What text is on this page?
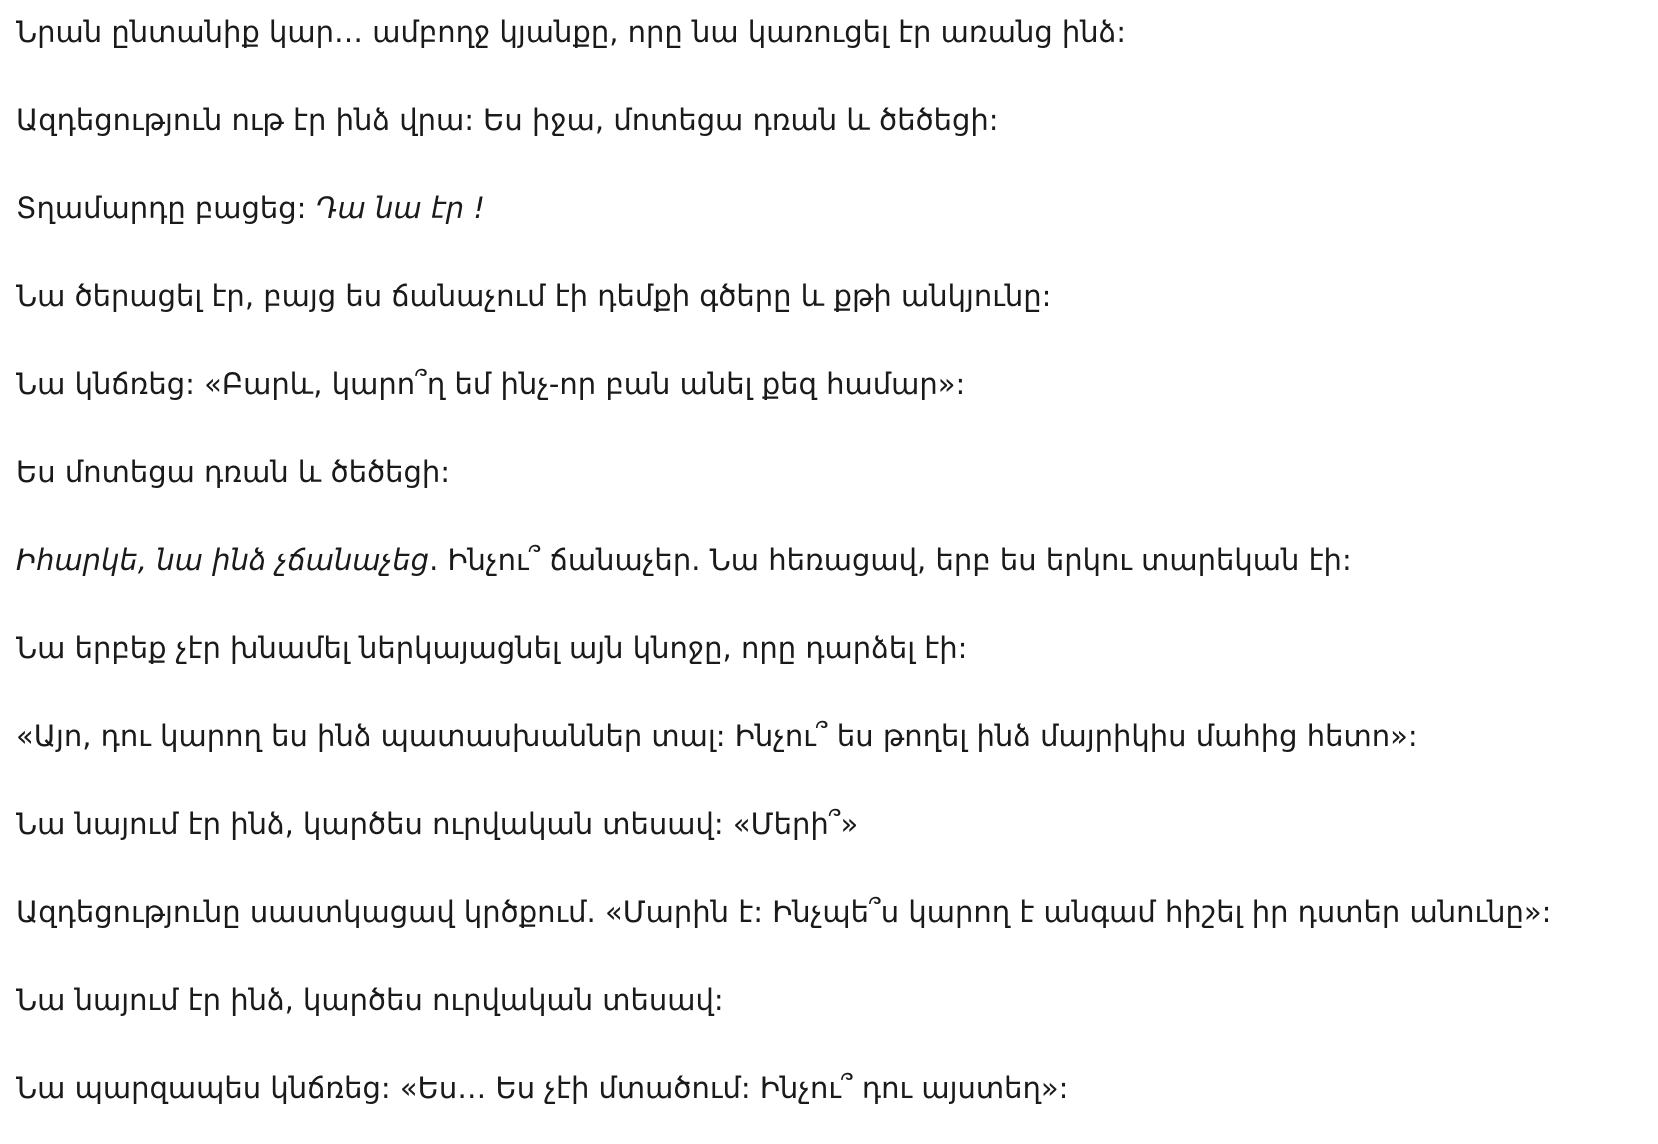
Նրան ընտանիք կար… ամբողջ կյանքը, որը նա կառուցել էր առանց ինձ:

Ազդեցություն ութ էր ինձ վրա: Ես իջա, մոտեցա դռան և ծեծեցի:

Տղամարդը բացեց: Դա նա էր !

Նա ծերացել էր, բայց ես ճանաչում էի դեմքի գծերը և քթի անկյունը:

Նա կնճռեց: «Բարև, կարո՞ղ եմ ինչ-որ բան անել քեզ համար»:

Ես մոտեցա դռան և ծեծեցի:

Իհարկե, նա ինձ չճանաչեց. Ինչու՞ ճանաչեր. Նա հեռացավ, երբ ես երկու տարեկան էի:

Նա երբեք չէր խնամել ներկայացնել այն կնոջը, որը դարձել էի:

«Այո, դու կարող ես ինձ պատասխաններ տալ: Ինչու՞ ես թողել ինձ մայրիկիս մահից հետո»:

Նա նայում էր ինձ, կարծես ուրվական տեսավ: «Մերի՞»

Ազդեցությունը սաստկացավ կրծքում. «Մարին է: Ինչպե՞ս կարող է անգամ հիշել իր դստեր անունը»:

Նա նայում էր ինձ, կարծես ուրվական տեսավ:

Նա պարզապես կնճռեց: «Ես… Ես չէի մտածում: Ինչու՞ դու այստեղ»:
